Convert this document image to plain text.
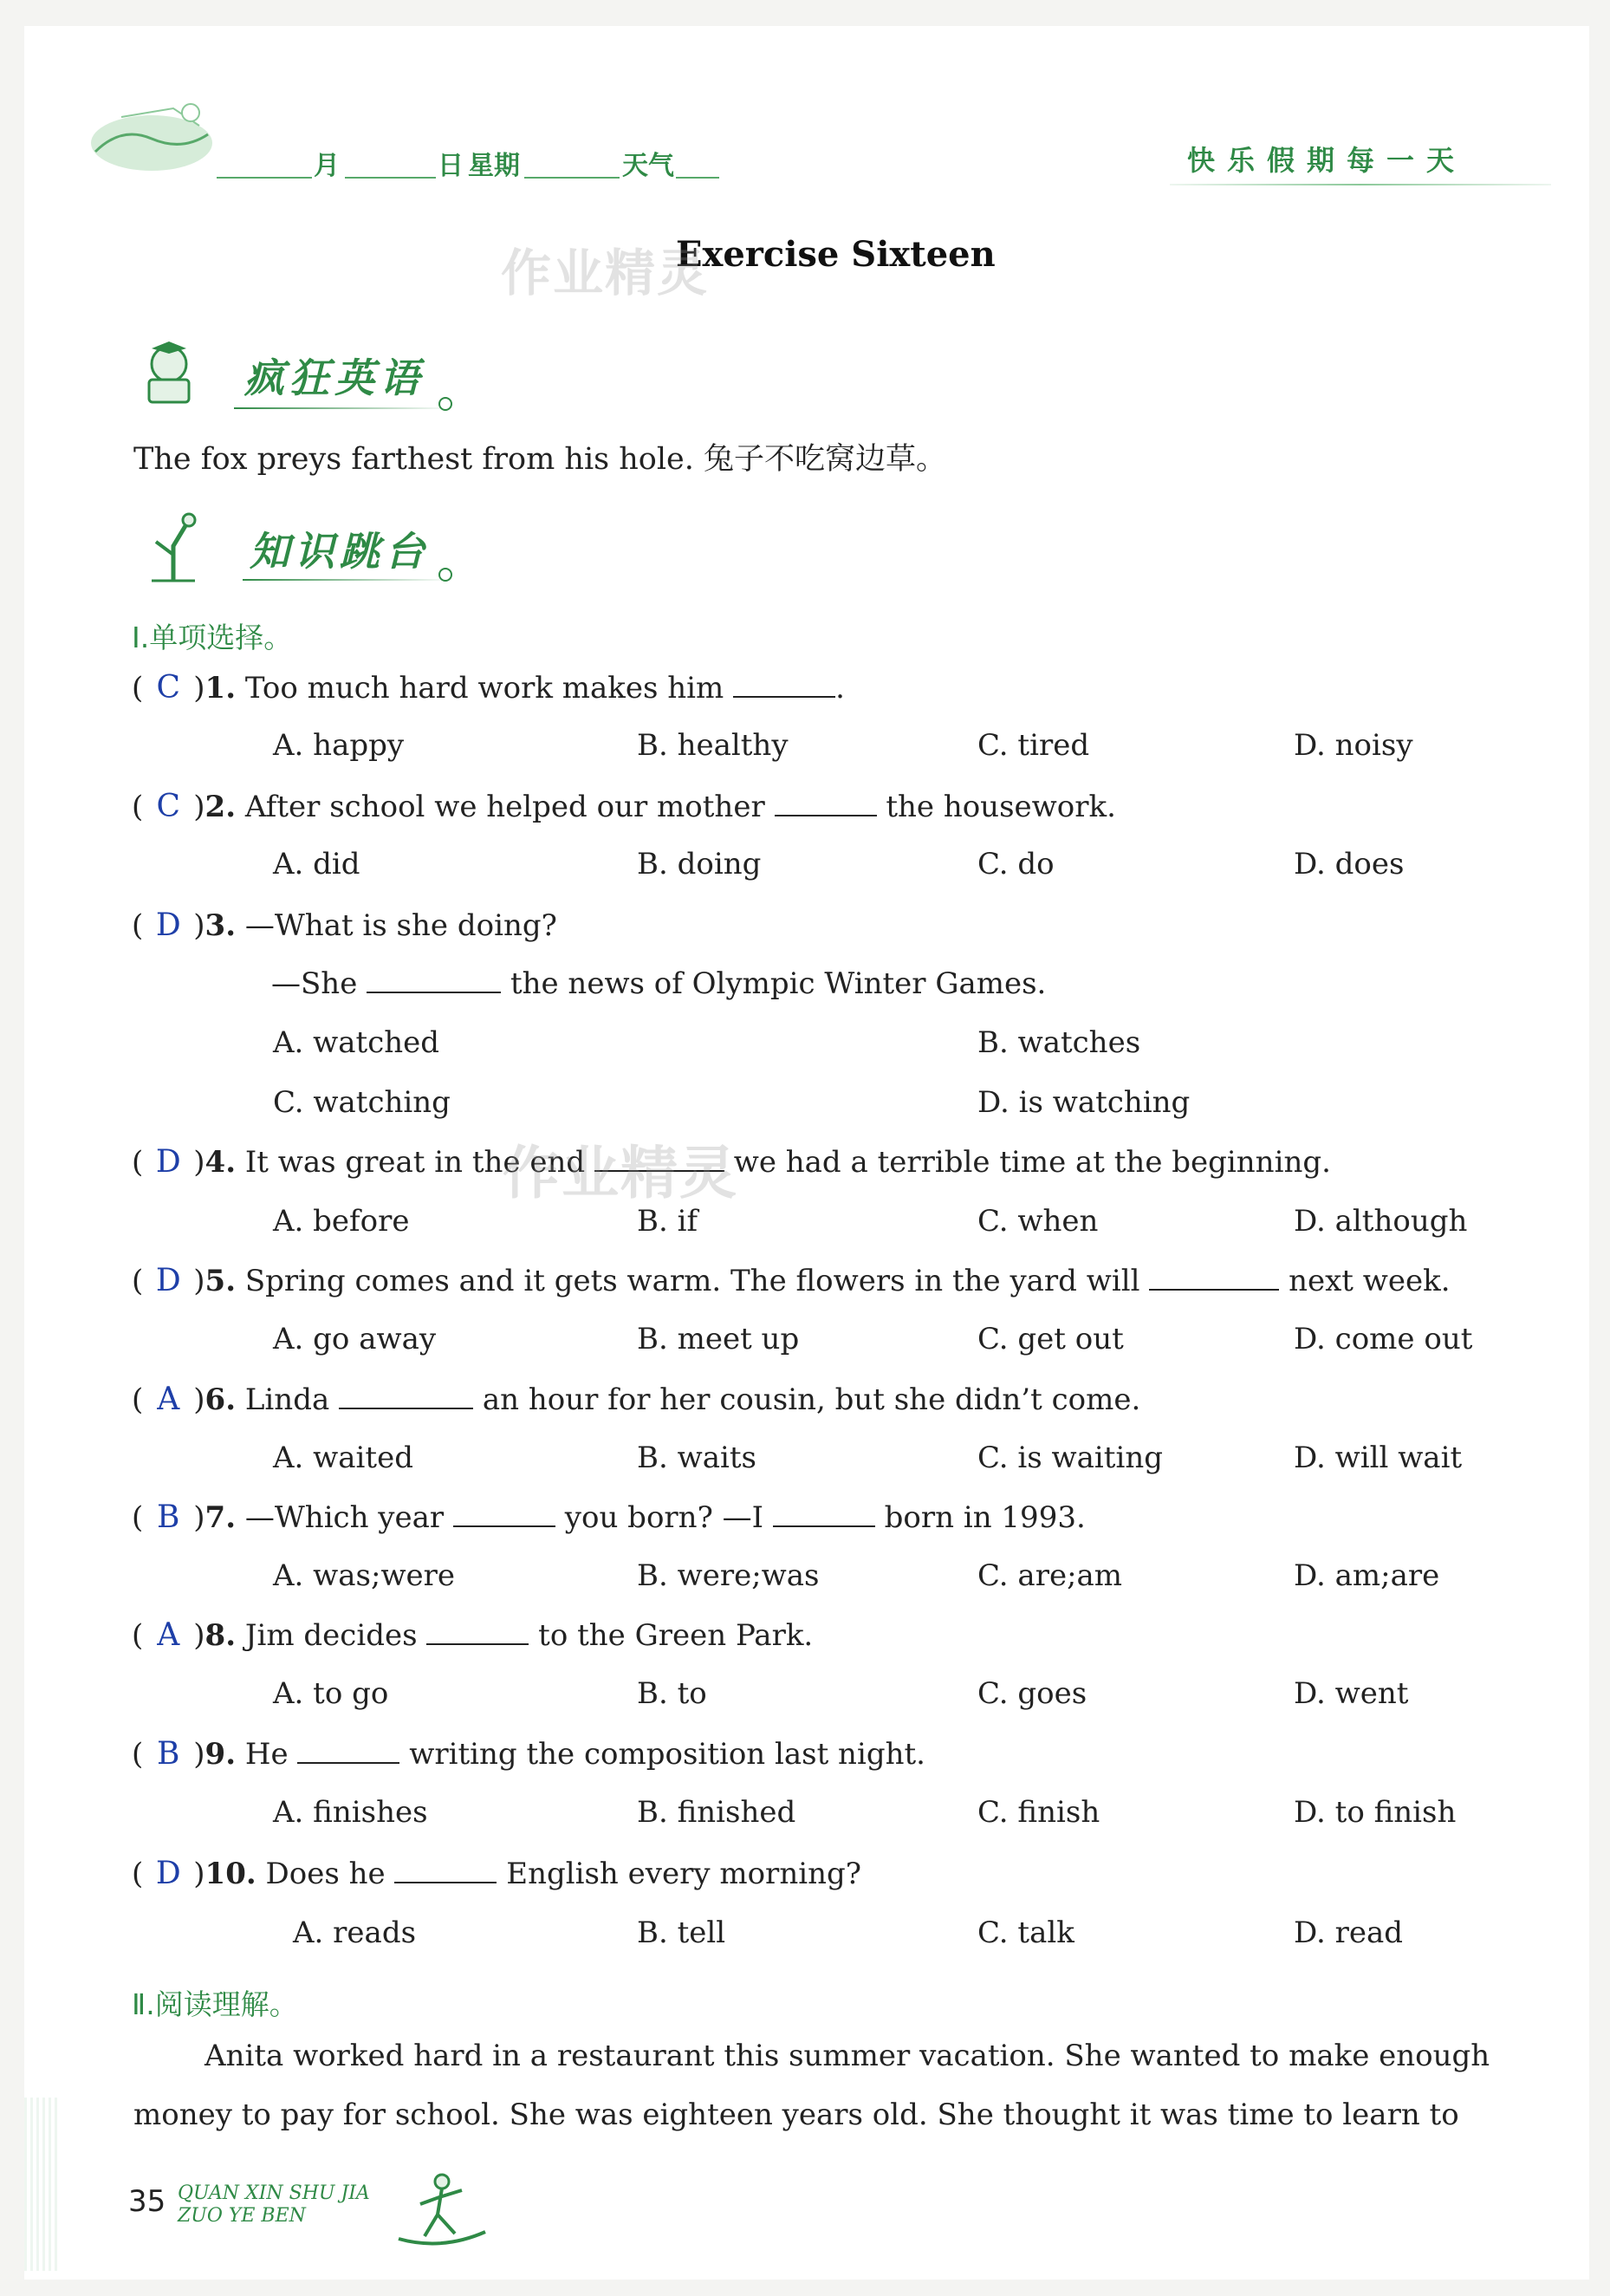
月	日 星期	天气	快乐假期每一天
Exercise Sixteen
作业精灵
疯狂英语
The fox preys farthest from his hole. 兔子不吃窝边草。
知识跳台
Ⅰ.单项选择。
( C )1. Too much hard work makes him	.
A. happy	B. healthy	C. tired	D. noisy
( C )2. After school we helped our mother	the housework.
A. did	B. doing	C. do	D. does
( D )3. —What is she doing?
—She	the news of Olympic Winter Games.
A. watched	B. watches
C. watching	D. is watching
( D )4. It was great in the end	we had a terrible time at the beginning.
作业精灵
A. before	B. if	C. when	D. although
( D )5. Spring comes and it gets warm. The flowers in the yard will	next week.
A. go away	B. meet up	C. get out	D. come out
( A )6. Linda	an hour for her cousin, but she didn’t come.
A. waited	B. waits	C. is waiting	D. will wait
( B )7. —Which year	you born? —I	born in 1993.
A. was;were	B. were;was	C. are;am	D. am;are
( A )8. Jim decides	to the Green Park.
A. to go	B. to	C. goes	D. went
( B )9. He	writing the composition last night.
A. finishes	B. finished	C. finish	D. to finish
( D )10. Does he	English every morning?
A. reads	B. tell	C. talk	D. read
Ⅱ.阅读理解。
Anita worked hard in a restaurant this summer vacation. She wanted to make enough
money to pay for school. She was eighteen years old. She thought it was time to learn to
35 QUAN XIN SHU JIA
ZUO YE BEN
